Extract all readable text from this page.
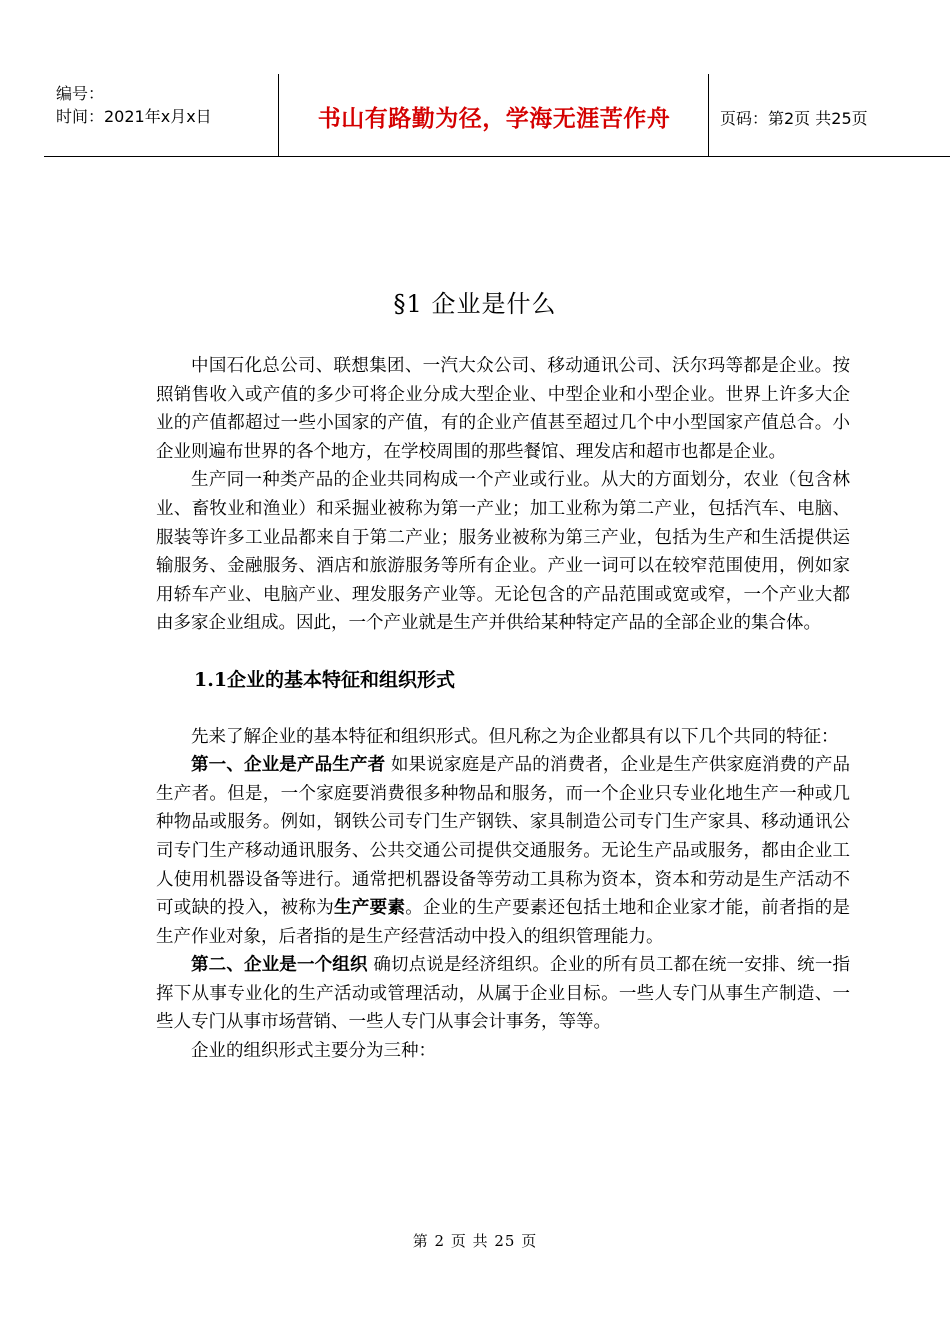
编号：
时间：2021年x月x日	书山有路勤为径，学海无涯苦作舟	页码：第2页 共25页
§1 企业是什么

中国石化总公司、联想集团、一汽大众公司、移动通讯公司、沃尔玛等都是企业。按照销售收入或产值的多少可将企业分成大型企业、中型企业和小型企业。世界上许多大企业的产值都超过一些小国家的产值，有的企业产值甚至超过几个中小型国家产值总合。小企业则遍布世界的各个地方，在学校周围的那些餐馆、理发店和超市也都是企业。

生产同一种类产品的企业共同构成一个产业或行业。从大的方面划分，农业（包含林业、畜牧业和渔业）和采掘业被称为第一产业；加工业称为第二产业，包括汽车、电脑、服装等许多工业品都来自于第二产业；服务业被称为第三产业，包括为生产和生活提供运输服务、金融服务、酒店和旅游服务等所有企业。产业一词可以在较窄范围使用，例如家用轿车产业、电脑产业、理发服务产业等。无论包含的产品范围或宽或窄，一个产业大都由多家企业组成。因此，一个产业就是生产并供给某种特定产品的全部企业的集合体。

1.1企业的基本特征和组织形式

先来了解企业的基本特征和组织形式。但凡称之为企业都具有以下几个共同的特征：

第一、企业是产品生产者 如果说家庭是产品的消费者，企业是生产供家庭消费的产品生产者。但是，一个家庭要消费很多种物品和服务，而一个企业只专业化地生产一种或几种物品或服务。例如，钢铁公司专门生产钢铁、家具制造公司专门生产家具、移动通讯公司专门生产移动通讯服务、公共交通公司提供交通服务。无论生产品或服务，都由企业工人使用机器设备等进行。通常把机器设备等劳动工具称为资本，资本和劳动是生产活动不可或缺的投入，被称为生产要素。企业的生产要素还包括土地和企业家才能，前者指的是生产作业对象，后者指的是生产经营活动中投入的组织管理能力。

第二、企业是一个组织 确切点说是经济组织。企业的所有员工都在统一安排、统一指挥下从事专业化的生产活动或管理活动，从属于企业目标。一些人专门从事生产制造、一些人专门从事市场营销、一些人专门从事会计事务，等等。

企业的组织形式主要分为三种：

第 2 页 共 25 页
